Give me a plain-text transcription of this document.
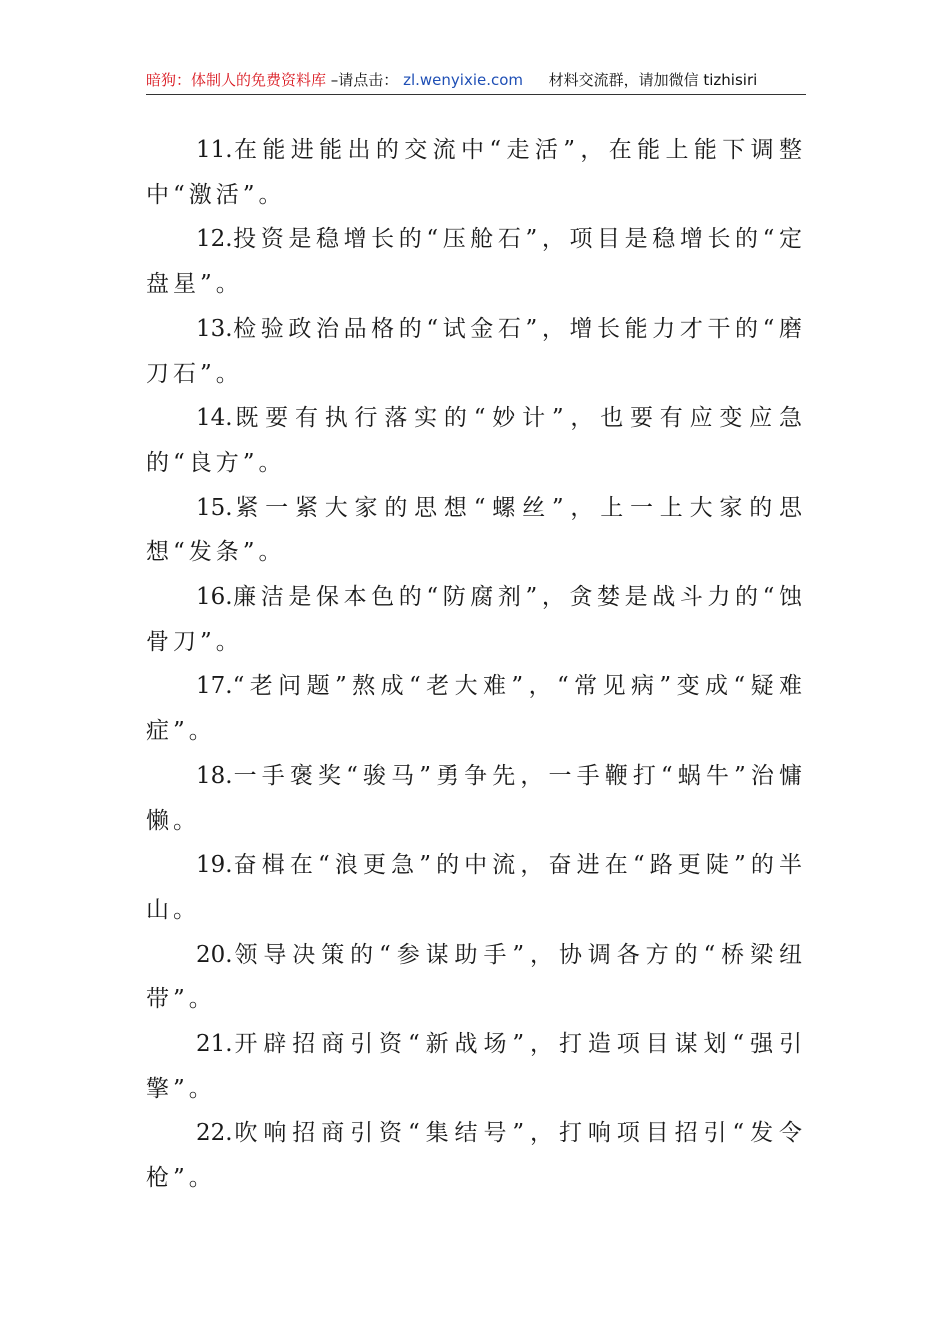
暗狗：体制人的免费资料库 –请点击： zl.wenyixie.com 材料交流群，请加微信 tizhisiri

11.在能进能出的交流中“走活”，在能上能下调整中“激活”。

12.投资是稳增长的“压舱石”，项目是稳增长的“定盘星”。

13.检验政治品格的“试金石”，增长能力才干的“磨刀石”。

14.既要有执行落实的“妙计”，也要有应变应急的“良方”。

15.紧一紧大家的思想“螺丝”，上一上大家的思想“发条”。

16.廉洁是保本色的“防腐剂”，贪婪是战斗力的“蚀骨刀”。

17.“老问题”熬成“老大难”，“常见病”变成“疑难症”。

18.一手褒奖“骏马”勇争先，一手鞭打“蜗牛”治慵懒。

19.奋楫在“浪更急”的中流，奋进在“路更陡”的半山。

20.领导决策的“参谋助手”，协调各方的“桥梁纽带”。

21.开辟招商引资“新战场”，打造项目谋划“强引擎”。

22.吹响招商引资“集结号”，打响项目招引“发令枪”。
